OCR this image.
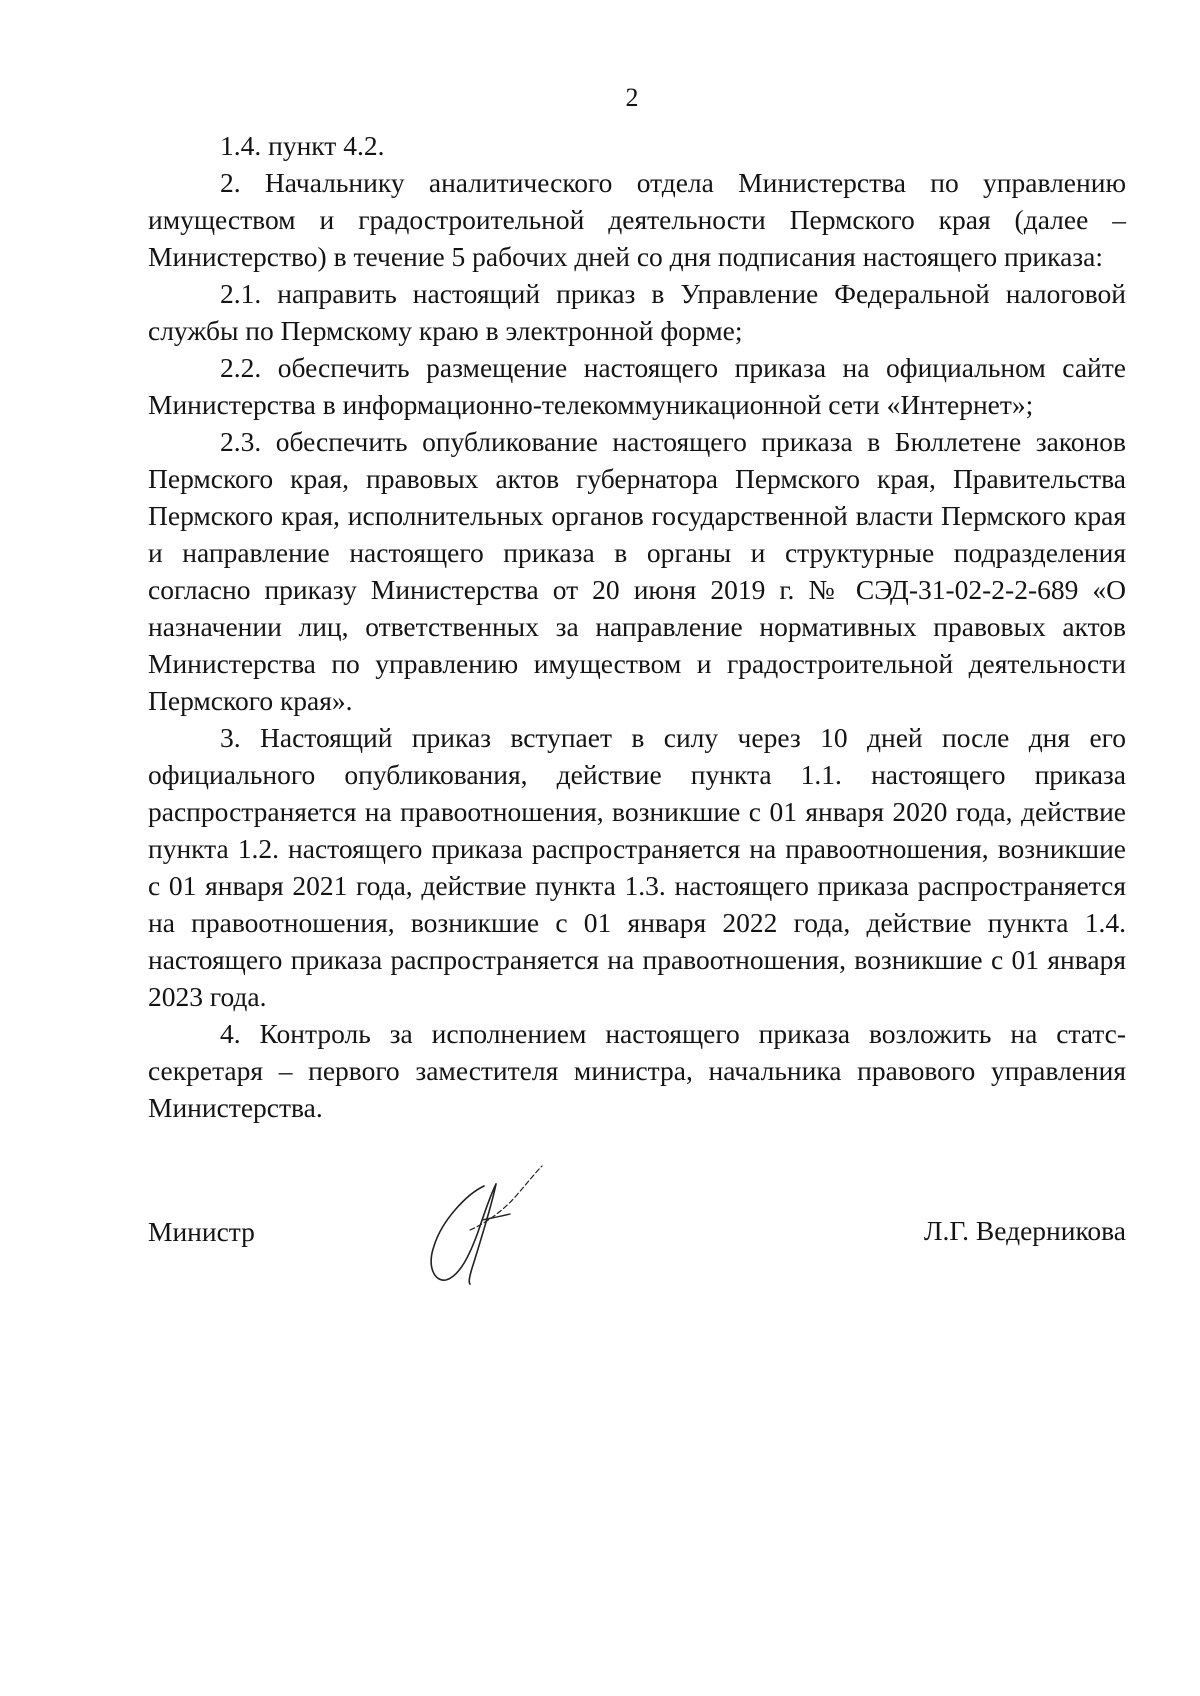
2

1.4. пункт 4.2.

2. Начальнику аналитического отдела Министерства по управлению имуществом и градостроительной деятельности Пермского края (далее – Министерство) в течение 5 рабочих дней со дня подписания настоящего приказа:

2.1. направить настоящий приказ в Управление Федеральной налоговой службы по Пермскому краю в электронной форме;

2.2. обеспечить размещение настоящего приказа на официальном сайте Министерства в информационно-телекоммуникационной сети «Интернет»;

2.3. обеспечить опубликование настоящего приказа в Бюллетене законов Пермского края, правовых актов губернатора Пермского края, Правительства Пермского края, исполнительных органов государственной власти Пермского края и направление настоящего приказа в органы и структурные подразделения согласно приказу Министерства от 20 июня 2019 г. № СЭД-31-02-2-2-689 «О назначении лиц, ответственных за направление нормативных правовых актов Министерства по управлению имуществом и градостроительной деятельности Пермского края».

3. Настоящий приказ вступает в силу через 10 дней после дня его официального опубликования, действие пункта 1.1. настоящего приказа распространяется на правоотношения, возникшие с 01 января 2020 года, действие пункта 1.2. настоящего приказа распространяется на правоотношения, возникшие с 01 января 2021 года, действие пункта 1.3. настоящего приказа распространяется на правоотношения, возникшие с 01 января 2022 года, действие пункта 1.4. настоящего приказа распространяется на правоотношения, возникшие с 01 января 2023 года.

4. Контроль за исполнением настоящего приказа возложить на статс-секретаря – первого заместителя министра, начальника правового управления Министерства.

Министр	Л.Г. Ведерникова
